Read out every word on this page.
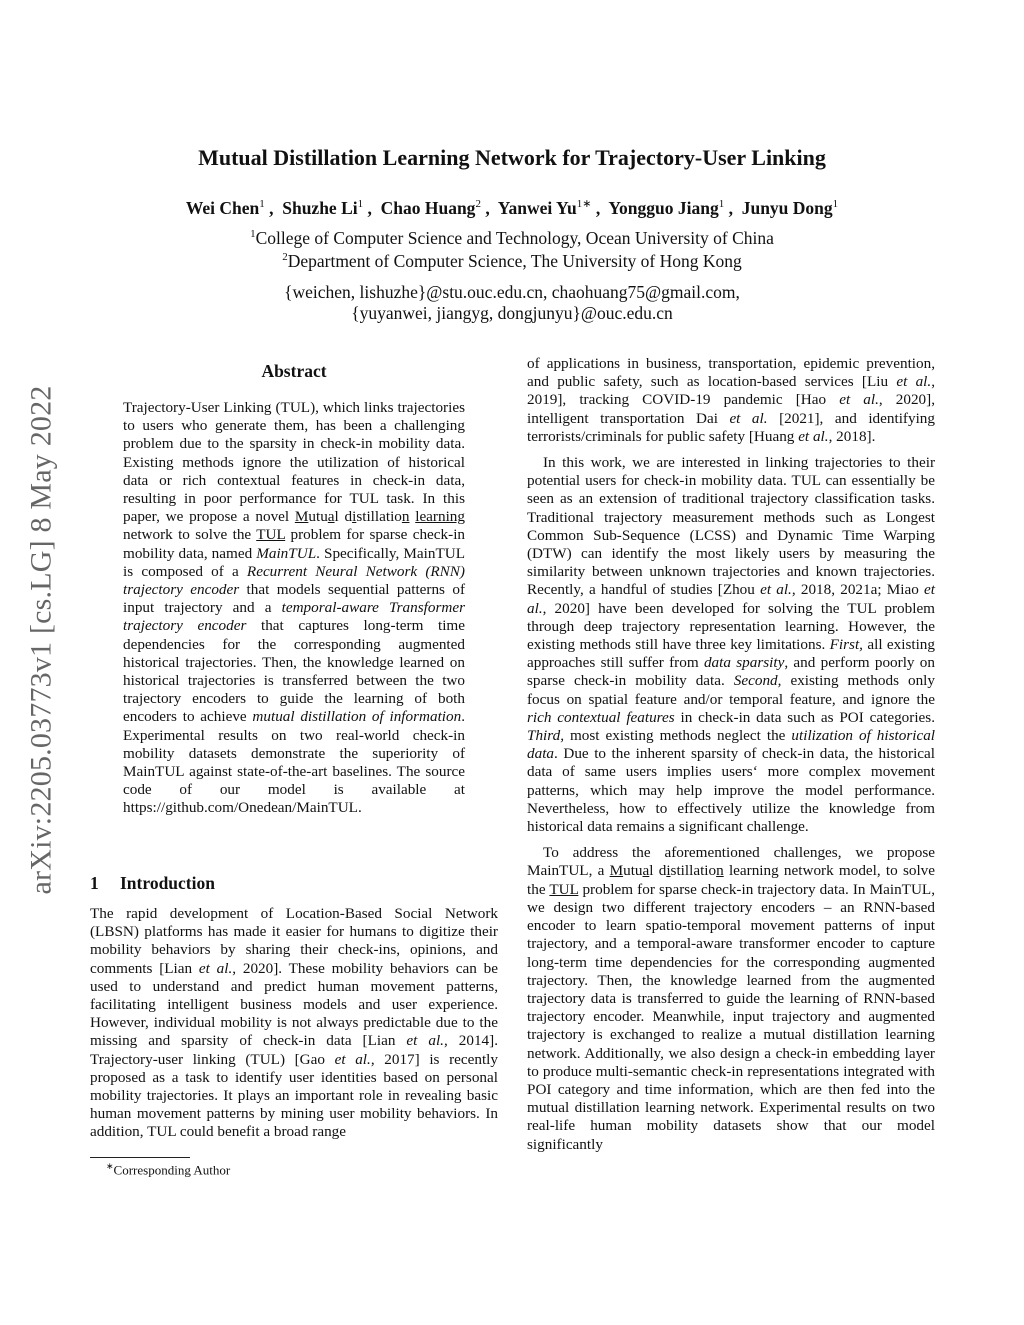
arXiv:2205.03773v1 [cs.LG] 8 May 2022
Mutual Distillation Learning Network for Trajectory-User Linking
Wei Chen$^1$ ,  Shuzhe Li$^1$ ,  Chao Huang$^2$ ,  Yanwei $Yu^{1∗}$ ,  Yongguo Jiang$^1$ ,  Junyu Dong$^1$
$^1$College of Computer Science and Technology, Ocean University of China
$^2$Department of Computer Science, The University of Hong Kong
{weichen, lishuzhe}@stu.ouc.edu.cn, chaohuang75@gmail.com,
{yuyanwei, jiangyg, dongjunyu}@ouc.edu.cn
Abstract

Trajectory-User Linking (TUL), which links trajectories to users who generate them, has been a challenging problem due to the sparsity in check-in mobility data. Existing methods ignore the utilization of historical data or rich contextual features in check-in data, resulting in poor performance for TUL task. In this paper, we propose a novel Mutual distillation learning network to solve the TUL problem for sparse check-in mobility data, named MainTUL. Specifically, MainTUL is composed of a Recurrent Neural Network (RNN) trajectory encoder that models sequential patterns of input trajectory and a temporal-aware Transformer trajectory encoder that captures long-term time dependencies for the corresponding augmented historical trajectories. Then, the knowledge learned on historical trajectories is transferred between the two trajectory encoders to guide the learning of both encoders to achieve mutual distillation of information. Experimental results on two real-world check-in mobility datasets demonstrate the superiority of MainTUL against state-of-the-art baselines. The source code of our model is available at https://github.com/Onedean/MainTUL.

1 Introduction

The rapid development of Location-Based Social Network (LBSN) platforms has made it easier for humans to digitize their mobility behaviors by sharing their check-ins, opinions, and comments [Lian et al., 2020]. These mobility behaviors can be used to understand and predict human movement patterns, facilitating intelligent business models and user experience. However, individual mobility is not always predictable due to the missing and sparsity of check-in data [Lian et al., 2014]. Trajectory-user linking (TUL) [Gao et al., 2017] is recently proposed as a task to identify user identities based on personal mobility trajectories. It plays an important role in revealing basic human movement patterns by mining user mobility behaviors. In addition, TUL could benefit a broad range

of applications in business, transportation, epidemic prevention, and public safety, such as location-based services [Liu et al., 2019], tracking COVID-19 pandemic [Hao et al., 2020], intelligent transportation Dai et al. [2021], and identifying terrorists/criminals for public safety [Huang et al., 2018].

In this work, we are interested in linking trajectories to their potential users for check-in mobility data. TUL can essentially be seen as an extension of traditional trajectory classification tasks. Traditional trajectory measurement methods such as Longest Common Sub-Sequence (LCSS) and Dynamic Time Warping (DTW) can identify the most likely users by measuring the similarity between unknown trajectories and known trajectories. Recently, a handful of studies [Zhou et al., 2018, 2021a; Miao et al., 2020] have been developed for solving the TUL problem through deep trajectory representation learning. However, the existing methods still have three key limitations. First, all existing approaches still suffer from data sparsity, and perform poorly on sparse check-in mobility data. Second, existing methods only focus on spatial feature and/or temporal feature, and ignore the rich contextual features in check-in data such as POI categories. Third, most existing methods neglect the utilization of historical data. Due to the inherent sparsity of check-in data, the historical data of same users implies users‘ more complex movement patterns, which may help improve the model performance. Nevertheless, how to effectively utilize the knowledge from historical data remains a significant challenge.

To address the aforementioned challenges, we propose MainTUL, a Mutual distillation learning network model, to solve the TUL problem for sparse check-in trajectory data. In MainTUL, we design two different trajectory encoders – an RNN-based encoder to learn spatio-temporal movement patterns of input trajectory, and a temporal-aware transformer encoder to capture long-term time dependencies for the corresponding augmented trajectory. Then, the knowledge learned from the augmented trajectory data is transferred to guide the learning of RNN-based trajectory encoder. Meanwhile, input trajectory and augmented trajectory is exchanged to realize a mutual distillation learning network. Additionally, we also design a check-in embedding layer to produce multi-semantic check-in representations integrated with POI category and time information, which are then fed into the mutual distillation learning network. Experimental results on two real-life human mobility datasets show that our model significantly

∗Corresponding Author
